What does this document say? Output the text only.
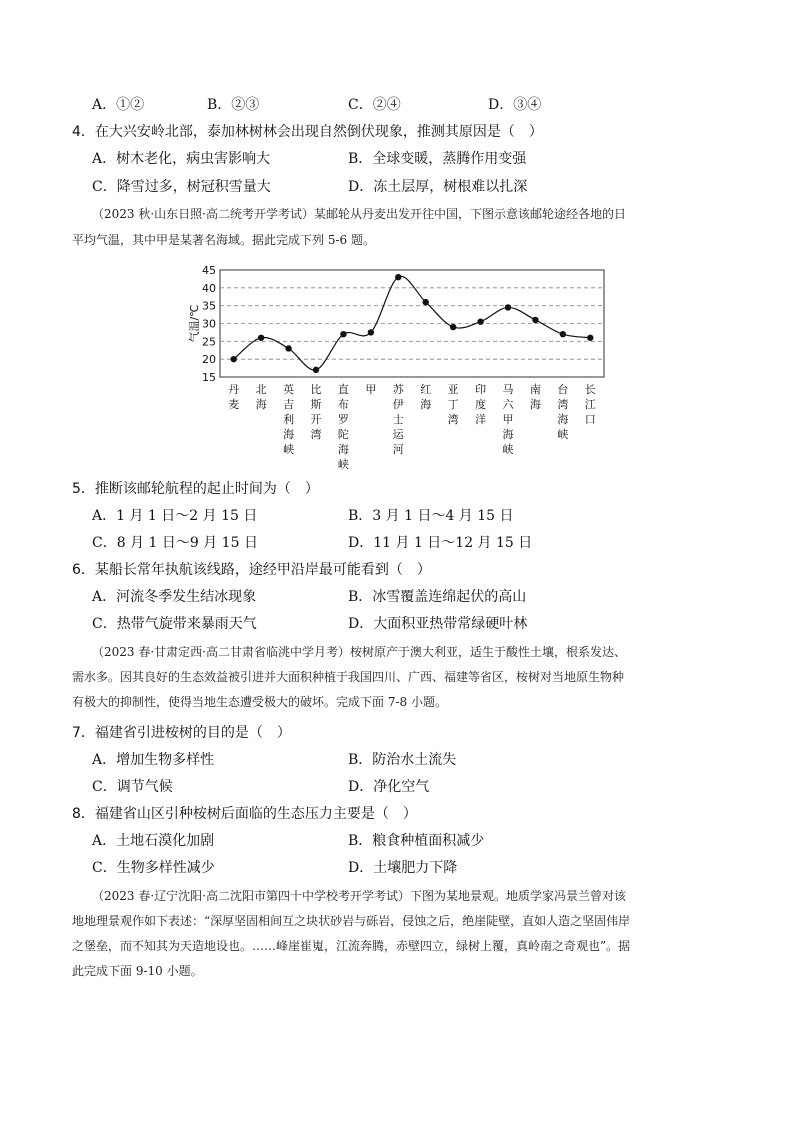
A．①②	B．②③	C．②④	D．③④
4．在大兴安岭北部，泰加林树林会出现自然倒伏现象，推测其原因是（　）
A．树木老化，病虫害影响大	B．全球变暖，蒸腾作用变强
C．降雪过多，树冠积雪量大	D．冻土层厚，树根难以扎深
（2023 秋·山东日照·高二统考开学考试）某邮轮从丹麦出发开往中国，下图示意该邮轮途经各地的日
平均气温，其中甲是某著名海域。据此完成下列 5-6 题。
气温/℃
15
20
25
30
35
40
45
丹麦
北海
英吉利海峡
比斯开湾
直布罗陀海峡
甲 苏伊士运河
红海
亚丁湾
印度洋
马六甲海峡
南海
台湾海峡
长江口
5．推断该邮轮航程的起止时间为（　）
A．1 月 1 日～2 月 15 日	B．3 月 1 日～4 月 15 日
C．8 月 1 日～9 月 15 日	D．11 月 1 日～12 月 15 日
6．某船长常年执航该线路，途经甲沿岸最可能看到（　）
A．河流冬季发生结冰现象	B．冰雪覆盖连绵起伏的高山
C．热带气旋带来暴雨天气	D．大面积亚热带常绿硬叶林
（2023 春·甘肃定西·高二甘肃省临洮中学月考）桉树原产于澳大利亚，适生于酸性土壤，根系发达、
需水多。因其良好的生态效益被引进并大面积种植于我国四川、广西、福建等省区，桉树对当地原生物种
有极大的抑制性，使得当地生态遭受极大的破坏。完成下面 7-8 小题。
7．福建省引进桉树的目的是（　）
A．增加生物多样性	B．防治水土流失
C．调节气候	D．净化空气
8．福建省山区引种桉树后面临的生态压力主要是（　）
A．土地石漠化加剧	B．粮食种植面积减少
C．生物多样性减少	D．土壤肥力下降
（2023 春·辽宁沈阳·高二沈阳市第四十中学校考开学考试）下图为某地景观。地质学家冯景兰曾对该
地地理景观作如下表述：“深厚坚固相间互之块状砂岩与砾岩，侵蚀之后，绝崖陡壁，直如人造之坚固伟岸
之堡垒，而不知其为天造地设也。……峰崖崔嵬，江流奔腾，赤壁四立，绿树上覆，真岭南之奇观也”。据
此完成下面 9-10 小题。
